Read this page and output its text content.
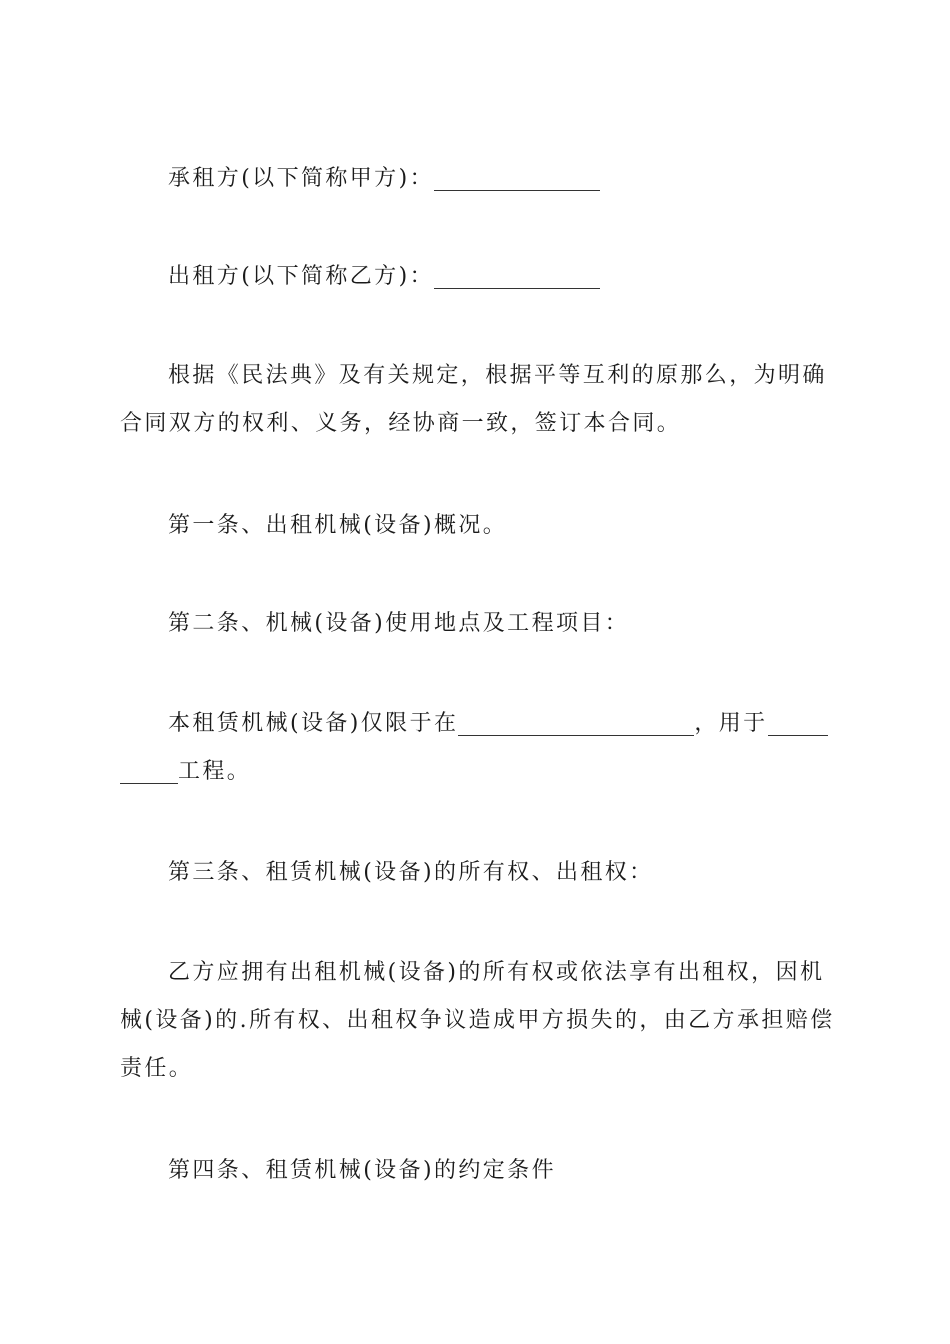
承租方(以下简称甲方)：

出租方(以下简称乙方)：

根据《民法典》及有关规定，根据平等互利的原那么，为明确合同双方的权利、义务，经协商一致，签订本合同。

第一条、出租机械(设备)概况。

第二条、机械(设备)使用地点及工程项目：

本租赁机械(设备)仅限于在	，用于工程。

第三条、租赁机械(设备)的所有权、出租权：

乙方应拥有出租机械(设备)的所有权或依法享有出租权，因机械(设备)的.所有权、出租权争议造成甲方损失的，由乙方承担赔偿责任。

第四条、租赁机械(设备)的约定条件
